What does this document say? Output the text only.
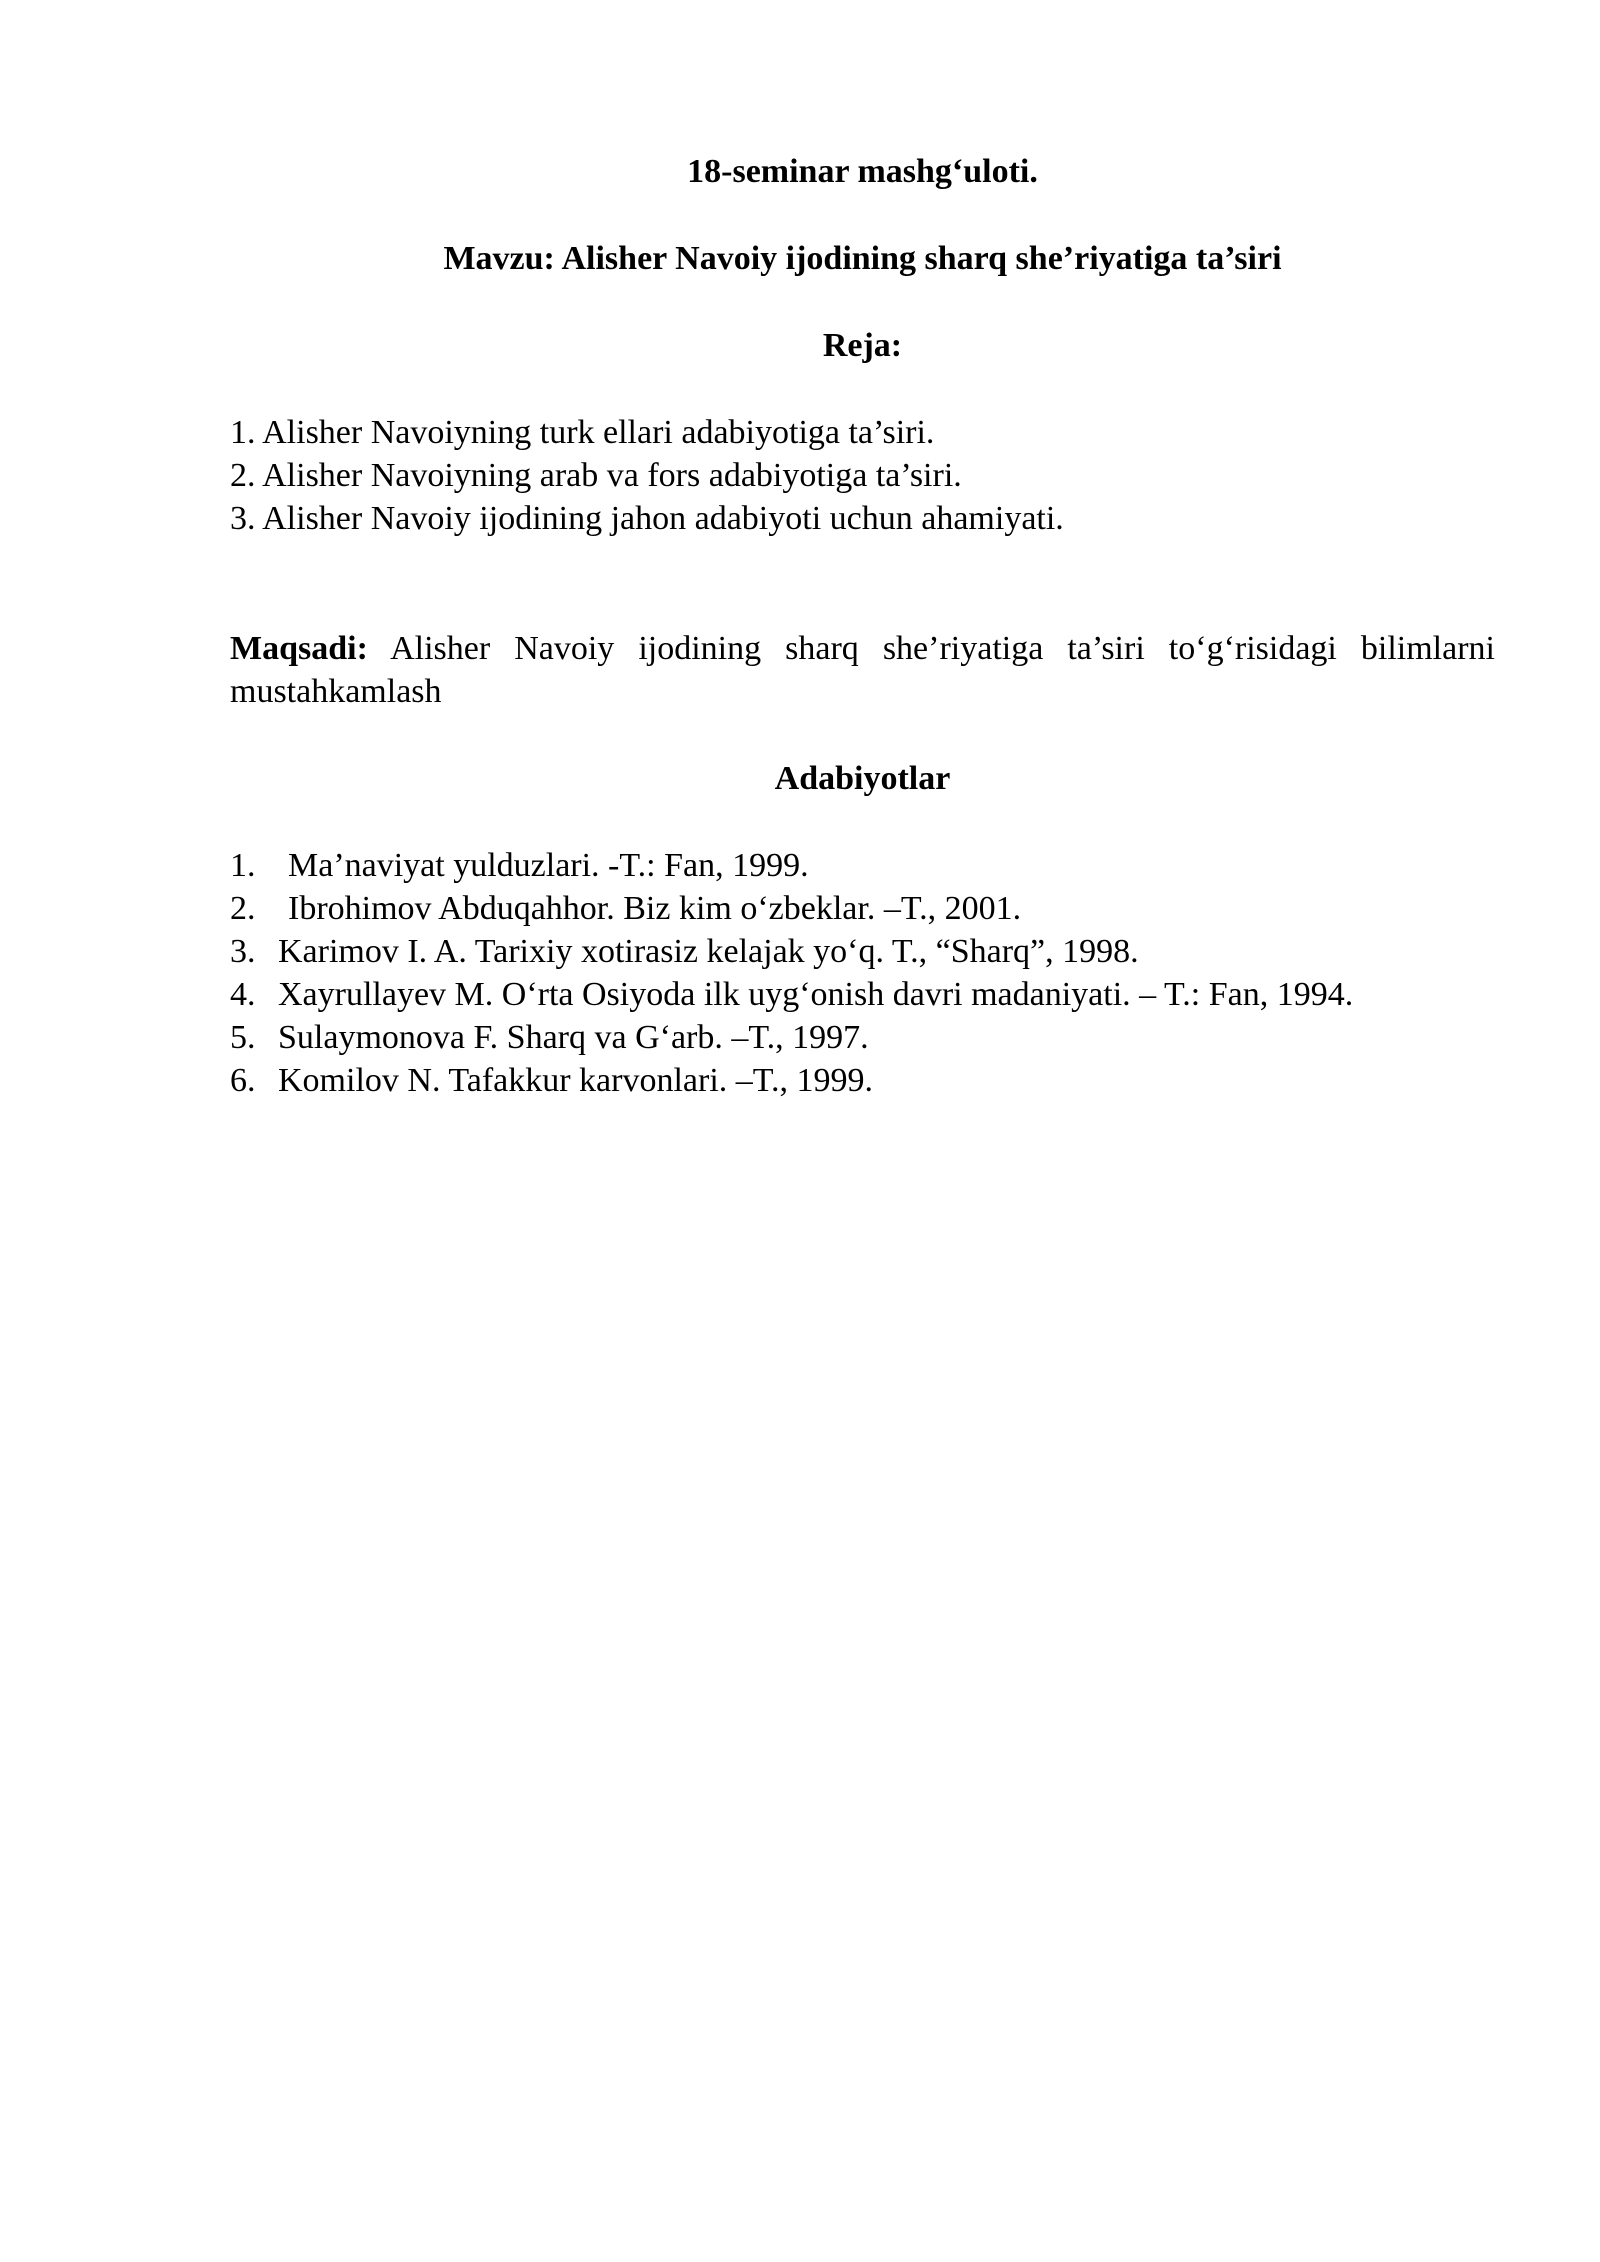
18-seminar mashg‘uloti.

Mavzu: Alisher Navoiy ijodining sharq she’riyatiga ta’siri

Reja:

1. Alisher Navoiyning turk ellari adabiyotiga ta’siri.
2. Alisher Navoiyning arab va fors adabiyotiga ta’siri.
3. Alisher Navoiy ijodining jahon adabiyoti uchun ahamiyati.

Maqsadi: Alisher Navoiy ijodining sharq she’riyatiga ta’siri to‘g‘risidagi bilimlarni mustahkamlash

Adabiyotlar

1. Ma’naviyat yulduzlari. -T.: Fan, 1999.
2. Ibrohimov Abduqahhor. Biz kim o‘zbeklar. –T., 2001.
3. Karimov I. A. Tarixiy xotirasiz kelajak yo‘q. T., “Sharq”, 1998.
4. Xayrullayev M. O‘rta Osiyoda ilk uyg‘onish davri madaniyati. – T.: Fan, 1994.
5. Sulaymonova F. Sharq va G‘arb. –T., 1997.
6. Komilov N. Tafakkur karvonlari. –T., 1999.
